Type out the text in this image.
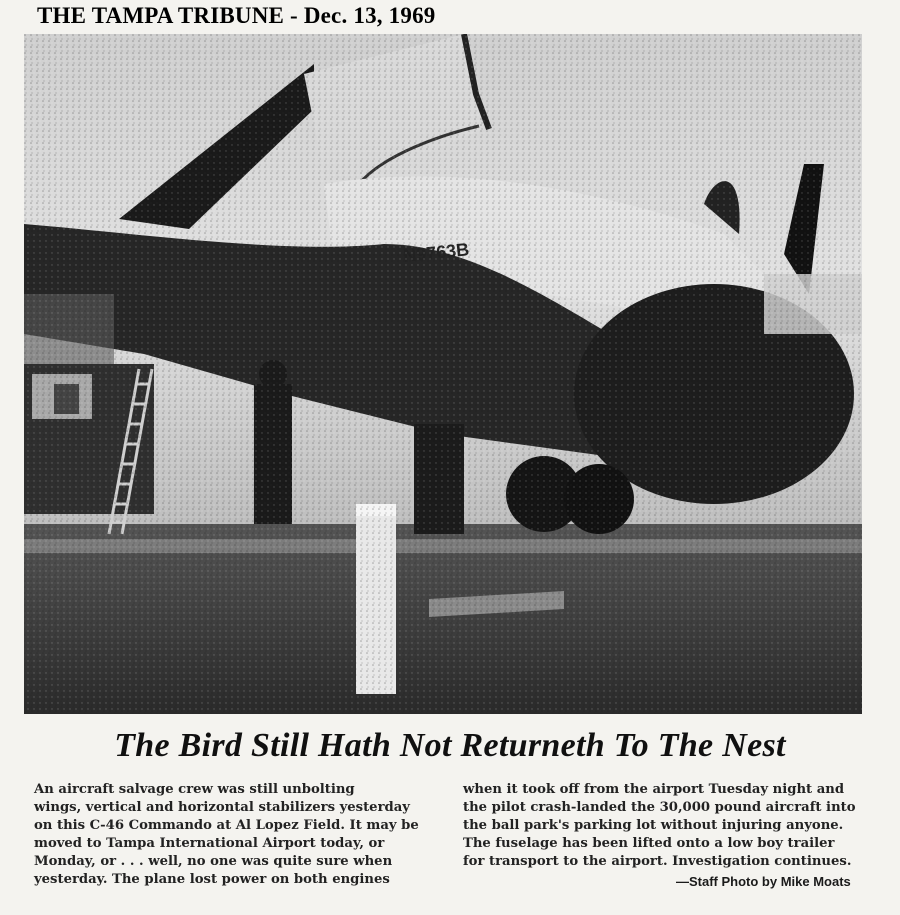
THE TAMPA TRIBUNE - Dec. 13, 1969
The Bird Still Hath Not Returneth To The Nest
An aircraft salvage crew was still unbolting
wings, vertical and horizontal stabilizers yesterday
on this C-46 Commando at Al Lopez Field. It may be
moved to Tampa International Airport today, or
Monday, or . . . well, no one was quite sure when
yesterday. The plane lost power on both engines
when it took off from the airport Tuesday night and
the pilot crash-landed the 30,000 pound aircraft into
the ball park's parking lot without injuring anyone.
The fuselage has been lifted onto a low boy trailer
for transport to the airport. Investigation continues.
—Staff Photo by Mike Moats
